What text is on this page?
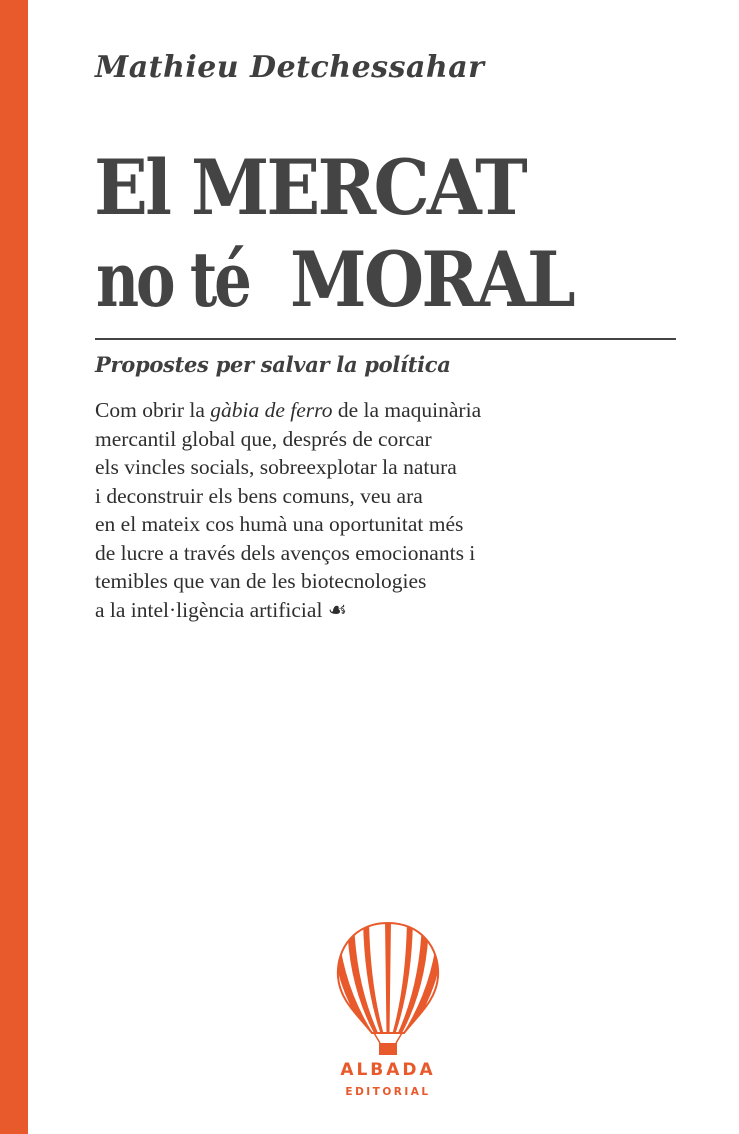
Mathieu Detchessahar
El MERCAT
no té MORAL
Propostes per salvar la política
Com obrir la gàbia de ferro de la maquinària
mercantil global que, després de corcar
els vincles socials, sobreexplotar la natura
i deconstruir els bens comuns, veu ara
en el mateix cos humà una oportunitat més
de lucre a través dels avenços emocionants i
temibles que van de les biotecnologies
a la intel·ligència artificial ☙
ALBADA
EDITORIAL
